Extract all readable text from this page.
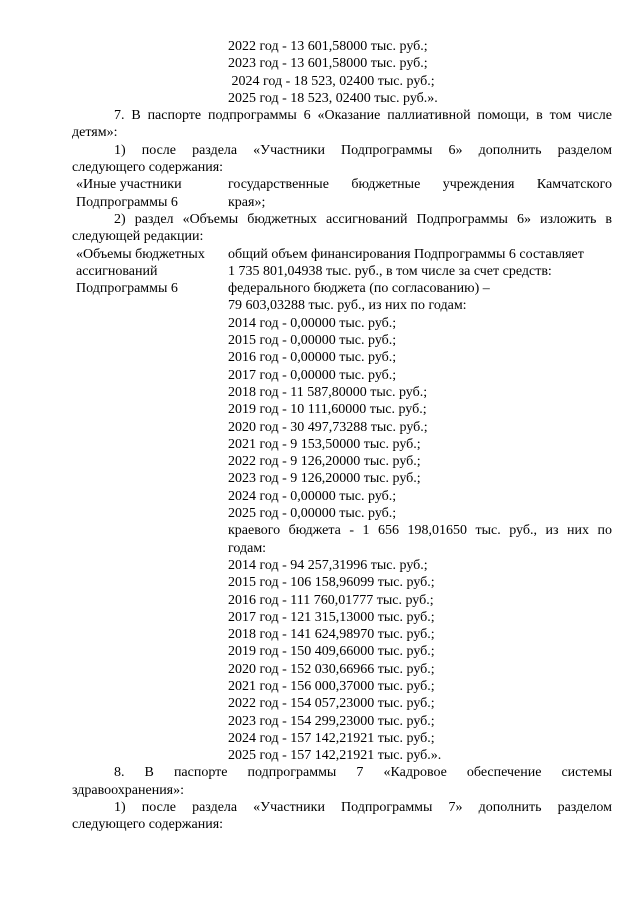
2022 год - 13 601,58000 тыс. руб.;
2023 год - 13 601,58000 тыс. руб.;
2024 год - 18 523, 02400 тыс. руб.;
2025 год - 18 523, 02400 тыс. руб.».
7. В паспорте подпрограммы 6 «Оказание паллиативной помощи, в том числе
детям»:
1) после раздела «Участники Подпрограммы 6» дополнить разделом
следующего содержания:
«Иные участники
Подпрограммы 6
государственные бюджетные учреждения Камчатского
края»;
2) раздел «Объемы бюджетных ассигнований Подпрограммы 6» изложить в
следующей редакции:
«Объемы бюджетных
ассигнований
Подпрограммы 6
общий объем финансирования Подпрограммы 6 составляет
1 735 801,04938 тыс. руб., в том числе за счет средств:
федерального бюджета (по согласованию) –
79 603,03288 тыс. руб., из них по годам:
2014 год - 0,00000 тыс. руб.;
2015 год - 0,00000 тыс. руб.;
2016 год - 0,00000 тыс. руб.;
2017 год - 0,00000 тыс. руб.;
2018 год - 11 587,80000 тыс. руб.;
2019 год - 10 111,60000 тыс. руб.;
2020 год - 30 497,73288 тыс. руб.;
2021 год - 9 153,50000 тыс. руб.;
2022 год - 9 126,20000 тыс. руб.;
2023 год - 9 126,20000 тыс. руб.;
2024 год - 0,00000 тыс. руб.;
2025 год - 0,00000 тыс. руб.;
краевого бюджета - 1 656 198,01650 тыс. руб., из них по
годам:
2014 год - 94 257,31996 тыс. руб.;
2015 год - 106 158,96099 тыс. руб.;
2016 год - 111 760,01777 тыс. руб.;
2017 год - 121 315,13000 тыс. руб.;
2018 год - 141 624,98970 тыс. руб.;
2019 год - 150 409,66000 тыс. руб.;
2020 год - 152 030,66966 тыс. руб.;
2021 год - 156 000,37000 тыс. руб.;
2022 год - 154 057,23000 тыс. руб.;
2023 год - 154 299,23000 тыс. руб.;
2024 год - 157 142,21921 тыс. руб.;
2025 год - 157 142,21921 тыс. руб.».
8. В паспорте подпрограммы 7 «Кадровое обеспечение системы
здравоохранения»:
1) после раздела «Участники Подпрограммы 7» дополнить разделом
следующего содержания:
